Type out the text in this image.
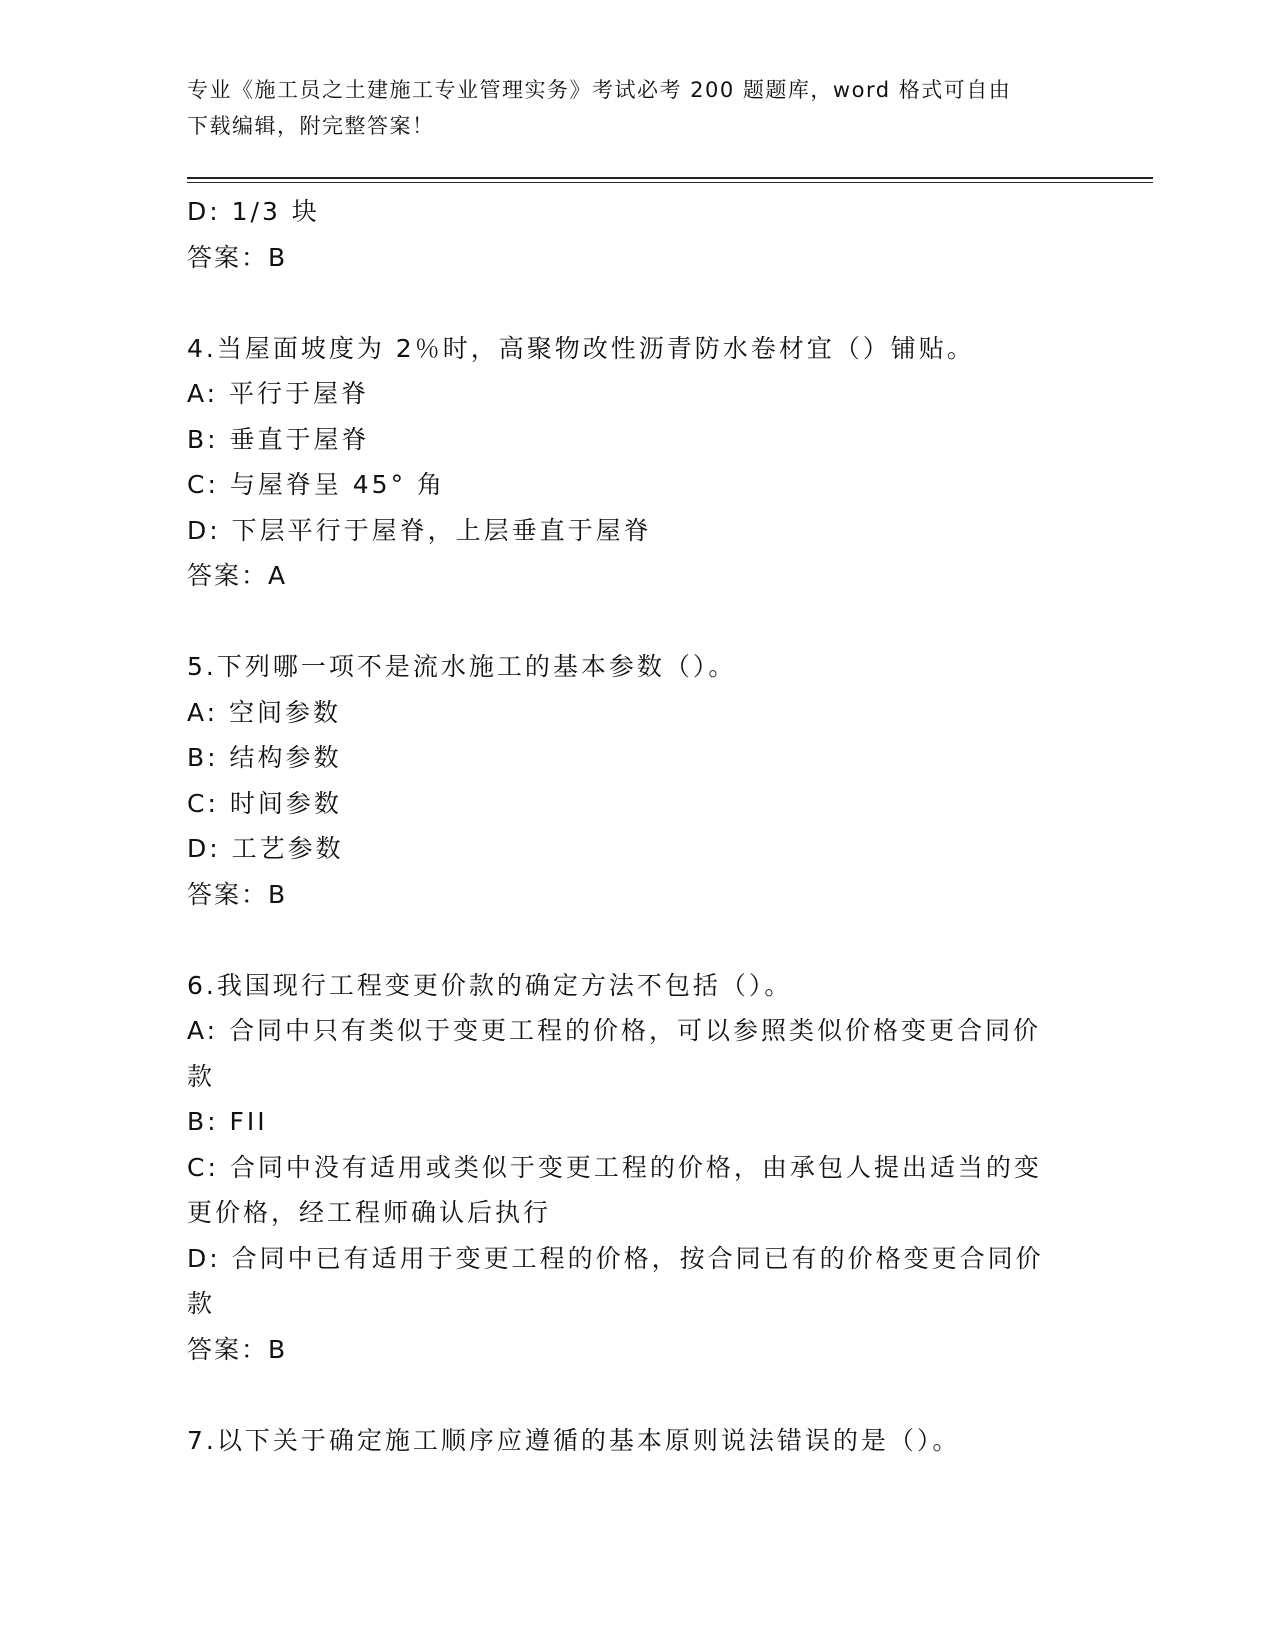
专业《施工员之土建施工专业管理实务》考试必考 200 题题库，word 格式可自由
下载编辑，附完整答案！
D: 1/3 块
答案：B
4.当屋面坡度为 2％时，高聚物改性沥青防水卷材宜（）铺贴。
A: 平行于屋脊
B: 垂直于屋脊
C: 与屋脊呈 45° 角
D: 下层平行于屋脊，上层垂直于屋脊
答案：A
5.下列哪一项不是流水施工的基本参数（）。
A: 空间参数
B: 结构参数
C: 时间参数
D: 工艺参数
答案：B
6.我国现行工程变更价款的确定方法不包括（）。
A: 合同中只有类似于变更工程的价格，可以参照类似价格变更合同价
款
B: FII
C: 合同中没有适用或类似于变更工程的价格，由承包人提出适当的变
更价格，经工程师确认后执行
D: 合同中已有适用于变更工程的价格，按合同已有的价格变更合同价
款
答案：B
7.以下关于确定施工顺序应遵循的基本原则说法错误的是（）。
